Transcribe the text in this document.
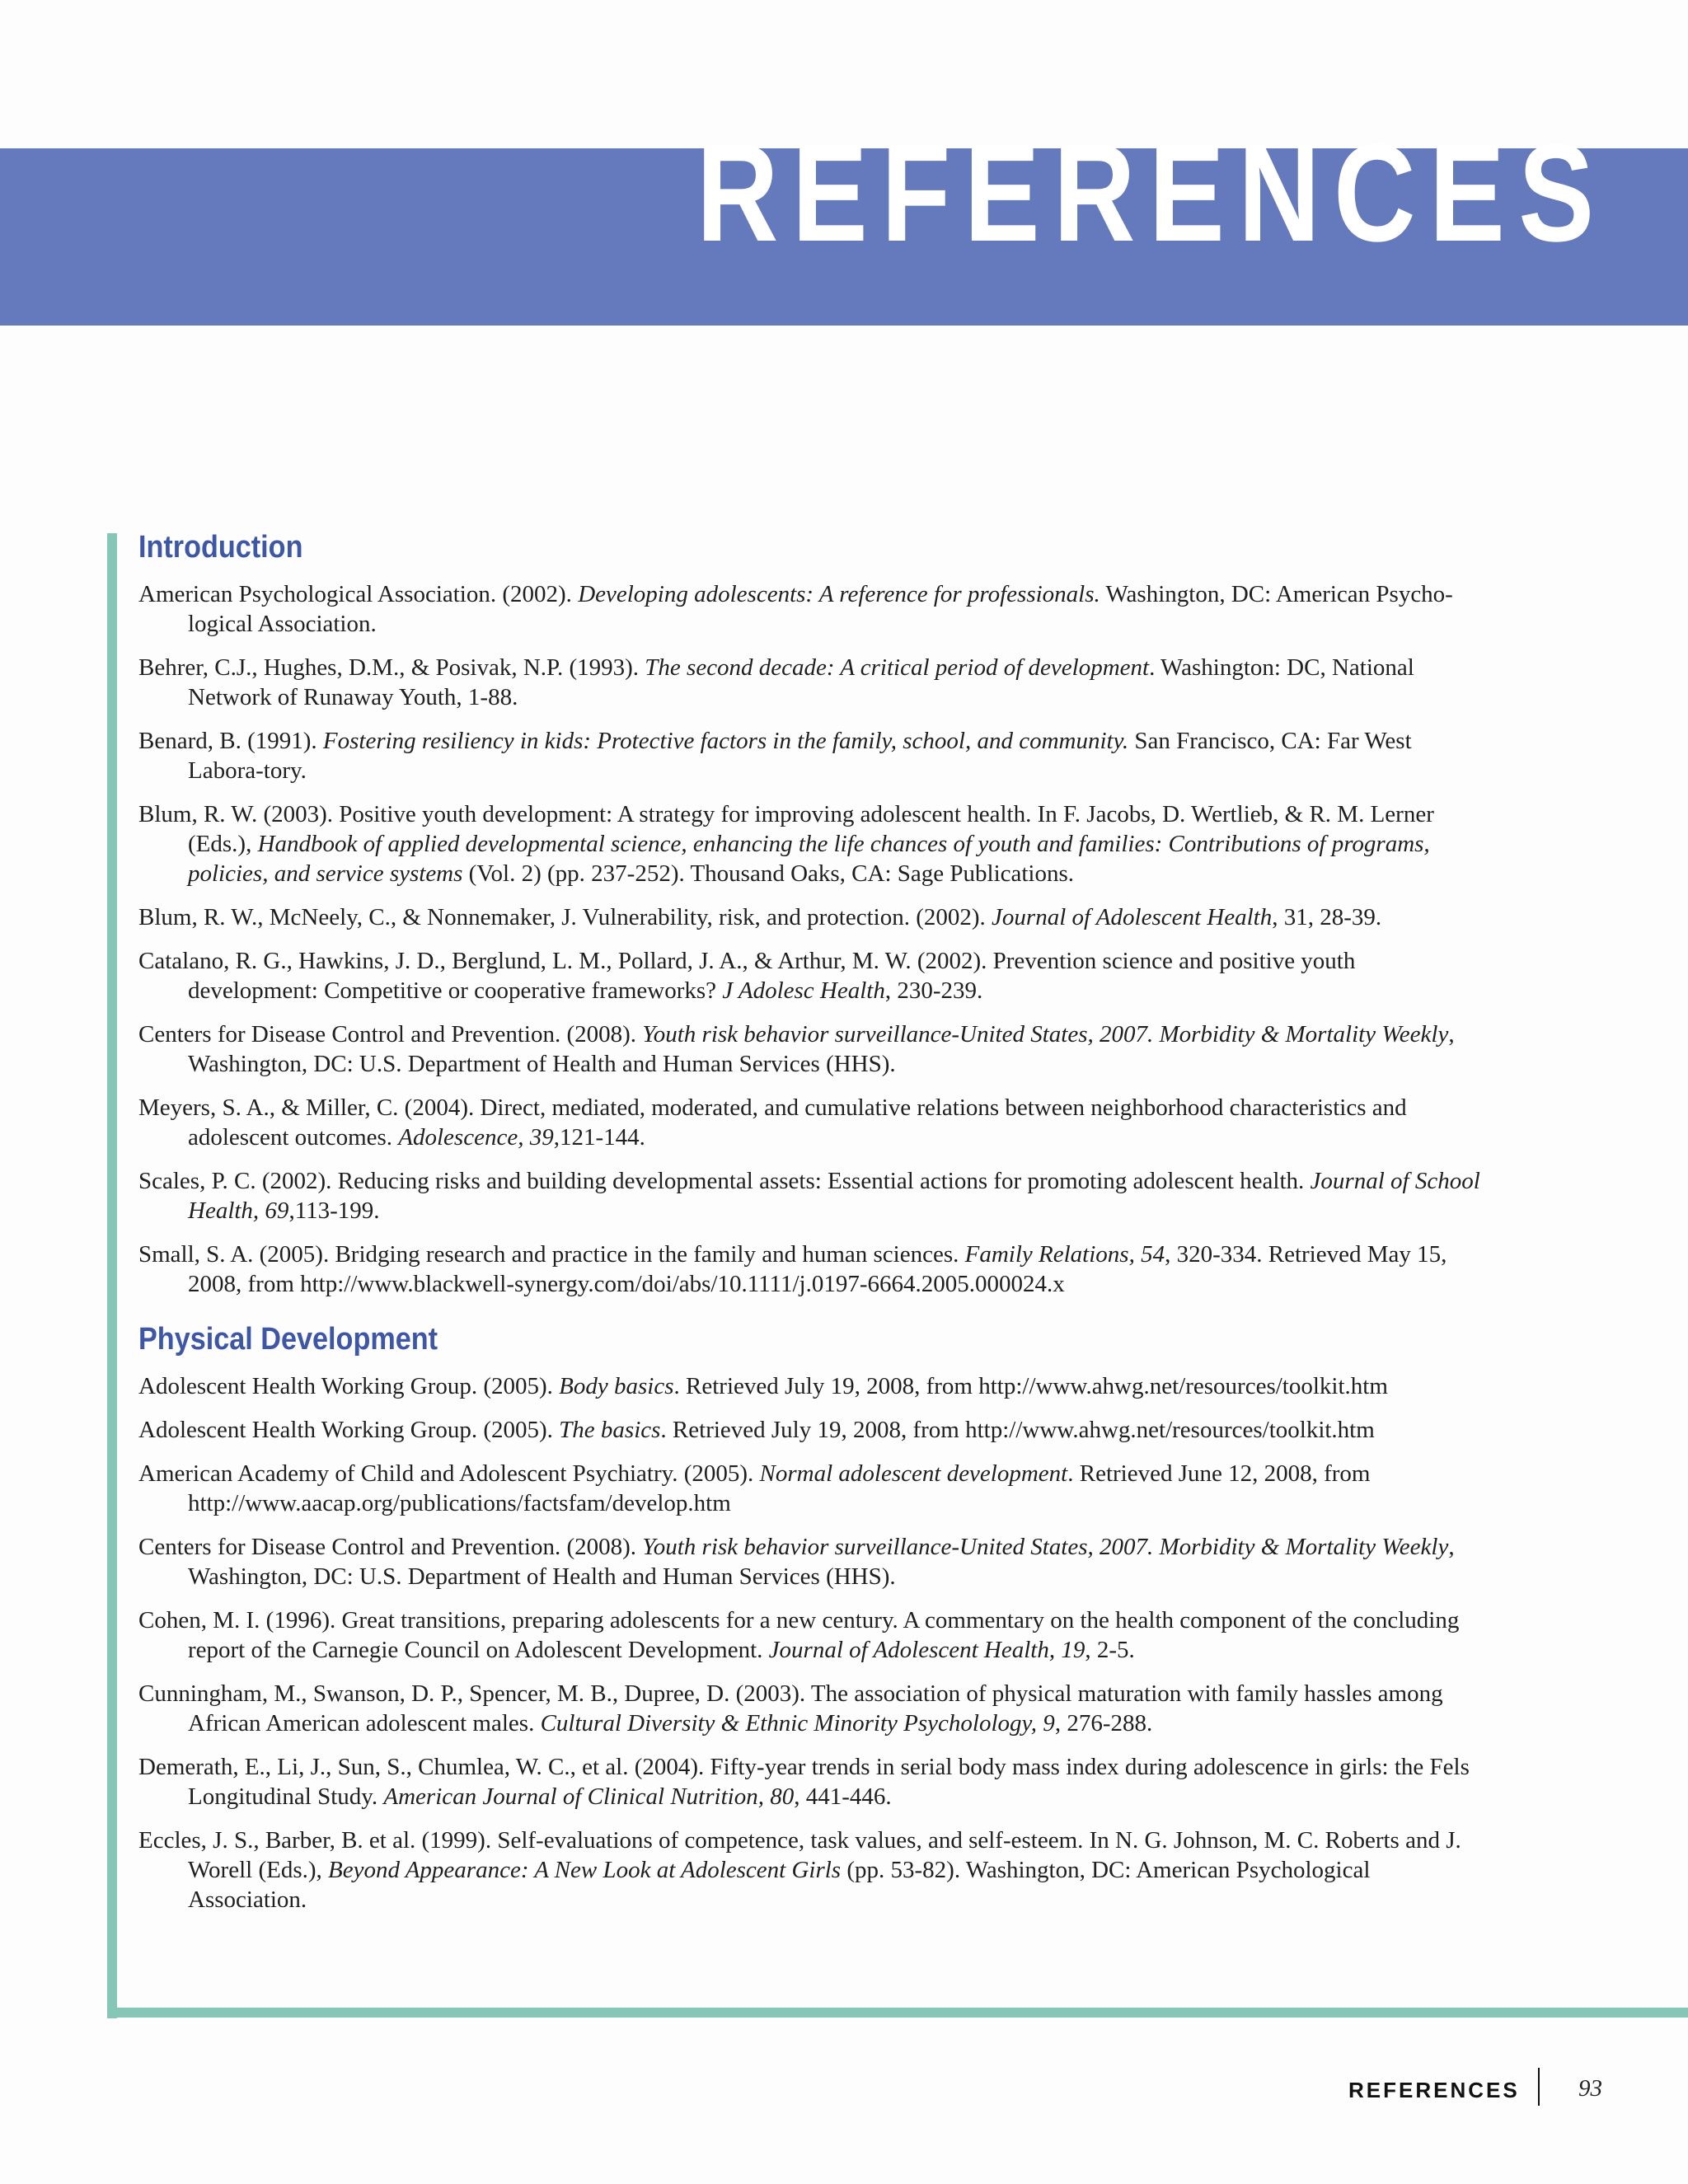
REFERENCES
Introduction

American Psychological Association. (2002). Developing adolescents: A reference for professionals. Washington, DC: American Psycho-logical Association.

Behrer, C.J., Hughes, D.M., & Posivak, N.P. (1993). The second decade: A critical period of development. Washington: DC, National Network of Runaway Youth, 1-88.

Benard, B. (1991). Fostering resiliency in kids: Protective factors in the family, school, and community. San Francisco, CA: Far West Labora-tory.

Blum, R. W. (2003). Positive youth development: A strategy for improving adolescent health. In F. Jacobs, D. Wertlieb, & R. M. Lerner (Eds.), Handbook of applied developmental science, enhancing the life chances of youth and families: Contributions of programs, policies, and service systems (Vol. 2) (pp. 237-252). Thousand Oaks, CA: Sage Publications.

Blum, R. W., McNeely, C., & Nonnemaker, J. Vulnerability, risk, and protection. (2002). Journal of Adolescent Health, 31, 28-39.

Catalano, R. G., Hawkins, J. D., Berglund, L. M., Pollard, J. A., & Arthur, M. W. (2002). Prevention science and positive youth development: Competitive or cooperative frameworks? J Adolesc Health, 230-239.

Centers for Disease Control and Prevention. (2008). Youth risk behavior surveillance-United States, 2007. Morbidity & Mortality Weekly, Washington, DC: U.S. Department of Health and Human Services (HHS).

Meyers, S. A., & Miller, C. (2004). Direct, mediated, moderated, and cumulative relations between neighborhood characteristics and adolescent outcomes. Adolescence, 39,121-144.

Scales, P. C. (2002). Reducing risks and building developmental assets: Essential actions for promoting adolescent health. Journal of School Health, 69,113-199.

Small, S. A. (2005). Bridging research and practice in the family and human sciences. Family Relations, 54, 320-334. Retrieved May 15, 2008, from http://www.blackwell-synergy.com/doi/abs/10.1111/j.0197-6664.2005.000024.x

Physical Development

Adolescent Health Working Group. (2005). Body basics. Retrieved July 19, 2008, from http://www.ahwg.net/resources/toolkit.htm

Adolescent Health Working Group. (2005). The basics. Retrieved July 19, 2008, from http://www.ahwg.net/resources/toolkit.htm

American Academy of Child and Adolescent Psychiatry. (2005). Normal adolescent development. Retrieved June 12, 2008, from http://www.aacap.org/publications/factsfam/develop.htm

Centers for Disease Control and Prevention. (2008). Youth risk behavior surveillance-United States, 2007. Morbidity & Mortality Weekly, Washington, DC: U.S. Department of Health and Human Services (HHS).

Cohen, M. I. (1996). Great transitions, preparing adolescents for a new century. A commentary on the health component of the concluding report of the Carnegie Council on Adolescent Development. Journal of Adolescent Health, 19, 2-5.

Cunningham, M., Swanson, D. P., Spencer, M. B., Dupree, D. (2003). The association of physical maturation with family hassles among African American adolescent males. Cultural Diversity & Ethnic Minority Psycholology, 9, 276-288.

Demerath, E., Li, J., Sun, S., Chumlea, W. C., et al. (2004). Fifty-year trends in serial body mass index during adolescence in girls: the Fels Longitudinal Study. American Journal of Clinical Nutrition, 80, 441-446.

Eccles, J. S., Barber, B. et al. (1999). Self-evaluations of competence, task values, and self-esteem. In N. G. Johnson, M. C. Roberts and J. Worell (Eds.), Beyond Appearance: A New Look at Adolescent Girls (pp. 53-82). Washington, DC: American Psychological Association.

REFERENCES 93
